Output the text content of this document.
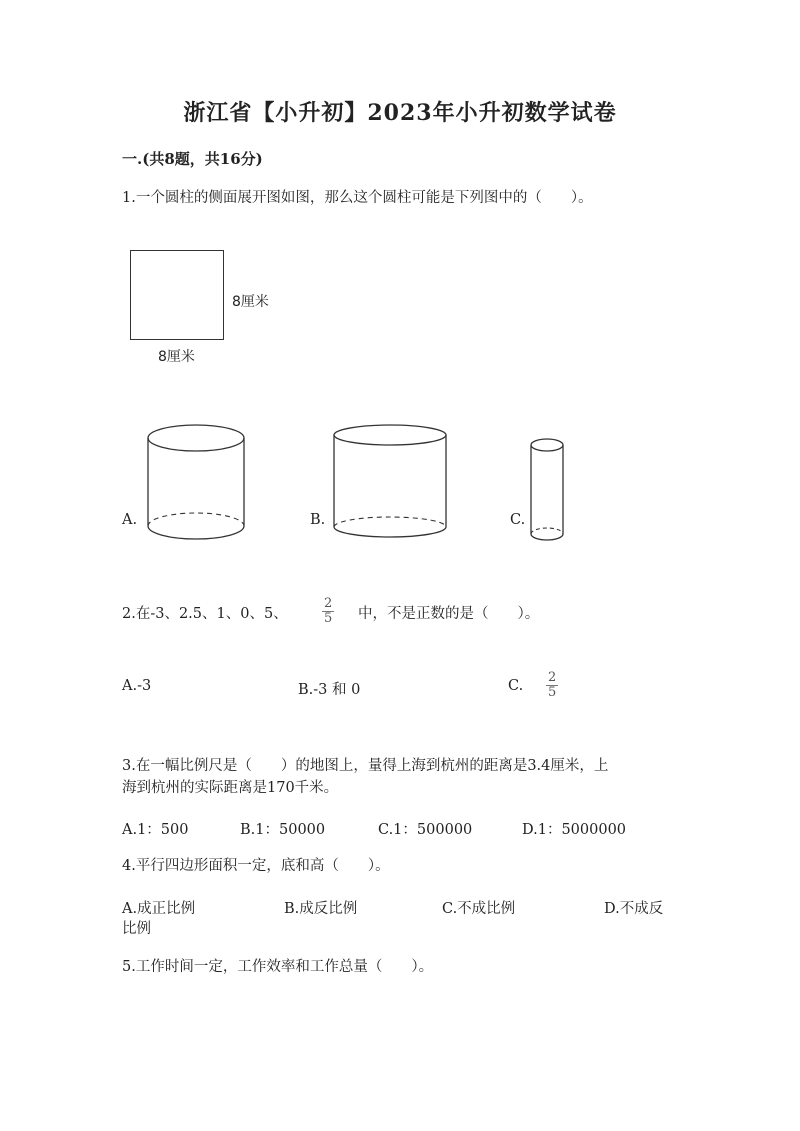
浙江省【小升初】2023年小升初数学试卷
一.(共8题，共16分)
1.一个圆柱的侧面展开图如图，那么这个圆柱可能是下列图中的（　　）。
8厘米
8厘米
A.	B.	C.
2.在-3、2.5、1、0、5、	$\frac{2}{5}$ 中，不是正数的是（　　）。
A.-3	B.-3 和 0	C. $\frac{2}{5}$
3.在一幅比例尺是（　　）的地图上，量得上海到杭州的距离是3.4厘米，上
海到杭州的实际距离是170千米。
A.1：500	B.1：50000	C.1：500000	D.1：5000000
4.平行四边形面积一定，底和高（　　）。
A.成正比例	B.成反比例	C.不成比例	D.不成反
比例
5.工作时间一定，工作效率和工作总量（　　）。
